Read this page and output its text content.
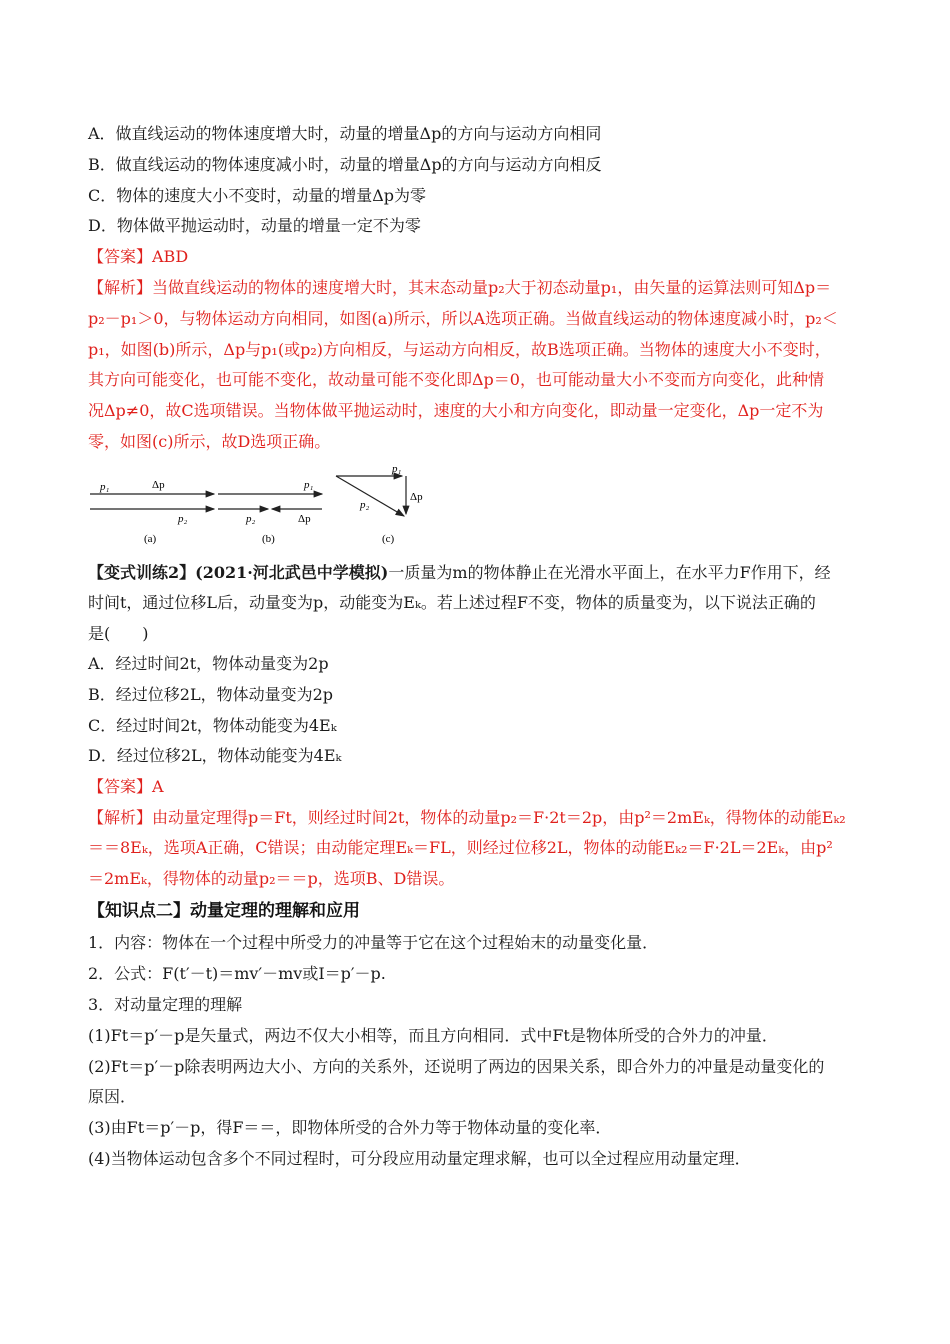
A．做直线运动的物体速度增大时，动量的增量Δp的方向与运动方向相同
B．做直线运动的物体速度减小时，动量的增量Δp的方向与运动方向相反
C．物体的速度大小不变时，动量的增量Δp为零
D．物体做平抛运动时，动量的增量一定不为零
【答案】ABD
【解析】当做直线运动的物体的速度增大时，其末态动量p₂大于初态动量p₁，由矢量的运算法则可知Δp＝
p₂－p₁＞0，与物体运动方向相同，如图(a)所示，所以A选项正确。当做直线运动的物体速度减小时，p₂＜
p₁，如图(b)所示，Δp与p₁(或p₂)方向相反，与运动方向相反，故B选项正确。当物体的速度大小不变时，
其方向可能变化，也可能不变化，故动量可能不变化即Δp＝0，也可能动量大小不变而方向变化，此种情
况Δp≠0，故C选项错误。当物体做平抛运动时，速度的大小和方向变化，即动量一定变化，Δp一定不为
零，如图(c)所示，故D选项正确。
p₁	Δp
p₂
(a)
p₁
p₂	Δp
(b)
p₁
Δp
p₂
(c)
【变式训练2】(2021·河北武邑中学模拟)一质量为m的物体静止在光滑水平面上，在水平力F作用下，经
时间t，通过位移L后，动量变为p，动能变为Eₖ。若上述过程F不变，物体的质量变为，以下说法正确的
是(　　)
A．经过时间2t，物体动量变为2p
B．经过位移2L，物体动量变为2p
C．经过时间2t，物体动能变为4Eₖ
D．经过位移2L，物体动能变为4Eₖ
【答案】A
【解析】由动量定理得p＝Ft，则经过时间2t，物体的动量p₂＝F·2t＝2p，由p²＝2mEₖ，得物体的动能Eₖ₂
＝＝8Eₖ，选项A正确，C错误；由动能定理Eₖ＝FL，则经过位移2L，物体的动能Eₖ₂＝F·2L＝2Eₖ，由p²
＝2mEₖ，得物体的动量p₂＝＝p，选项B、D错误。
【知识点二】动量定理的理解和应用
1．内容：物体在一个过程中所受力的冲量等于它在这个过程始末的动量变化量．
2．公式：F(t′－t)＝mv′－mv或I＝p′－p.
3．对动量定理的理解
(1)Ft＝p′－p是矢量式，两边不仅大小相等，而且方向相同．式中Ft是物体所受的合外力的冲量．
(2)Ft＝p′－p除表明两边大小、方向的关系外，还说明了两边的因果关系，即合外力的冲量是动量变化的
原因．
(3)由Ft＝p′－p，得F＝＝，即物体所受的合外力等于物体动量的变化率．
(4)当物体运动包含多个不同过程时，可分段应用动量定理求解，也可以全过程应用动量定理．
